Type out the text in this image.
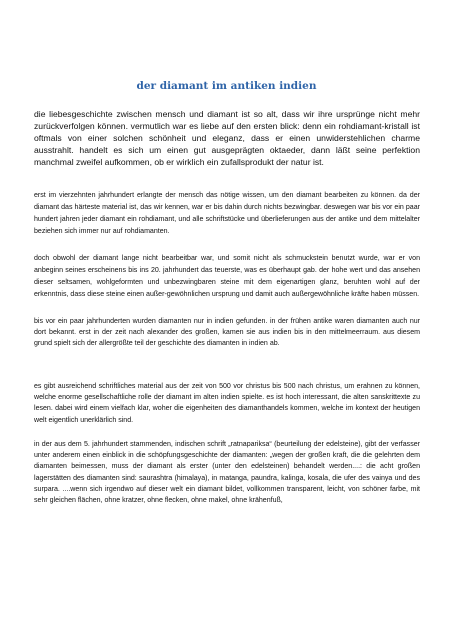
der diamant im antiken indien
die liebesgeschichte zwischen mensch und diamant ist so alt, dass wir ihre ursprünge nicht mehr zurückverfolgen können. vermutlich war es liebe auf den ersten blick: denn ein rohdiamant-kristall ist oftmals von einer solchen schönheit und eleganz, dass er einen unwiderstehlichen charme ausstrahlt. handelt es sich um einen gut ausgeprägten oktaeder, dann läßt seine perfektion manchmal zweifel aufkommen, ob er wirklich ein zufallsprodukt der natur ist.
erst im vierzehnten jahrhundert erlangte der mensch das nötige wissen, um den diamant bearbeiten zu können. da der diamant das härteste material ist, das wir kennen, war er bis dahin durch nichts bezwingbar. deswegen war bis vor ein paar hundert jahren jeder diamant ein rohdiamant, und alle schriftstücke und überlieferungen aus der antike und dem mittelalter beziehen sich immer nur auf rohdiamanten.
doch obwohl der diamant lange nicht bearbeitbar war, und somit nicht als schmuckstein benutzt wurde, war er von anbeginn seines erscheinens bis ins 20. jahrhundert das teuerste, was es überhaupt gab. der hohe wert und das ansehen dieser seltsamen, wohlgeformten und unbezwingbaren steine mit dem eigenartigen glanz, beruhten wohl auf der erkenntnis, dass diese steine einen außer-gewöhnlichen ursprung und damit auch außergewöhnliche kräfte haben müssen.
bis vor ein paar jahrhunderten wurden diamanten nur in indien gefunden. in der frühen antike waren diamanten auch nur dort bekannt. erst in der zeit nach alexander des großen, kamen sie aus indien bis in den mittelmeerraum. aus diesem grund spielt sich der allergrößte teil der geschichte des diamanten in indien ab.
es gibt ausreichend schriftliches material aus der zeit von 500 vor christus bis 500 nach christus, um erahnen zu können, welche enorme gesellschaftliche rolle der diamant im alten indien spielte. es ist hoch interessant, die alten sanskrittexte zu lesen. dabei wird einem vielfach klar, woher die eigenheiten des diamanthandels kommen, welche im kontext der heutigen welt eigentlich unerklärlich sind.
in der aus dem 5. jahrhundert stammenden, indischen schrift „ratnapariksa“ (beurteilung der edelsteine), gibt der verfasser unter anderem einen einblick in die schöpfungsgeschichte der diamanten: „wegen der großen kraft, die die gelehrten dem diamanten beimessen, muss der diamant als erster (unter den edelsteinen) behandelt werden....: die acht großen lagerstätten des diamanten sind: saurashtra (himalaya), in matanga, paundra, kalinga, kosala, die ufer des vainya und des surpara. ....wenn sich irgendwo auf dieser welt ein diamant bildet, vollkommen transparent, leicht, von schöner farbe, mit sehr gleichen flächen, ohne kratzer, ohne flecken, ohne makel, ohne krähenfuß,
